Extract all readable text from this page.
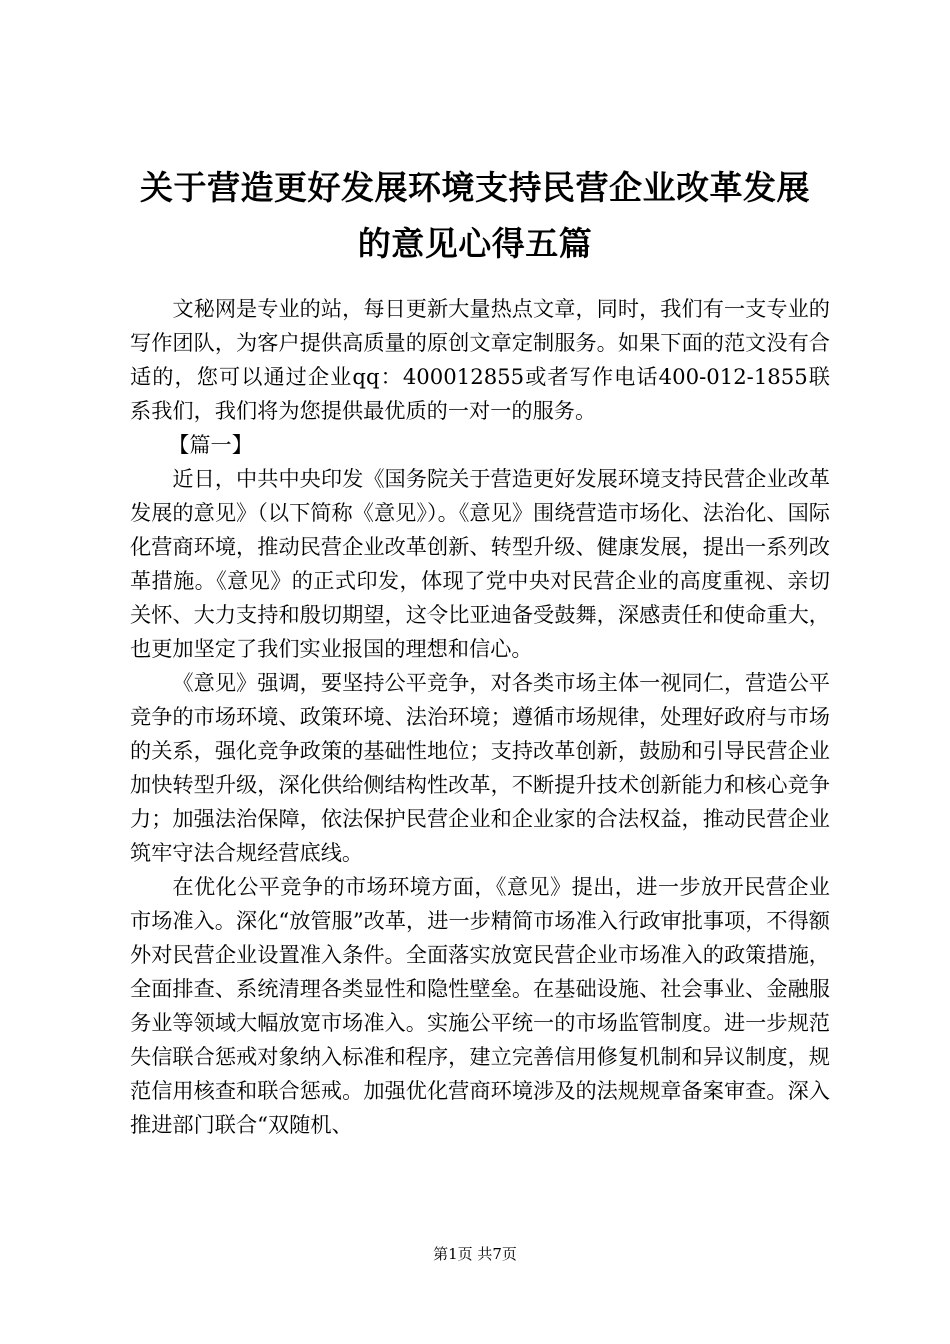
关于营造更好发展环境支持民营企业改革发展
的意见心得五篇

文秘网是专业的站，每日更新大量热点文章，同时，我们有一支专业的写作团队，为客户提供高质量的原创文章定制服务。如果下面的范文没有合适的，您可以通过企业qq：400012855或者写作电话400-012-1855联系我们，我们将为您提供最优质的一对一的服务。

【篇一】

近日，中共中央印发《国务院关于营造更好发展环境支持民营企业改革发展的意见》（以下简称《意见》）。《意见》围绕营造市场化、法治化、国际化营商环境，推动民营企业改革创新、转型升级、健康发展，提出一系列改革措施。《意见》的正式印发，体现了党中央对民营企业的高度重视、亲切关怀、大力支持和殷切期望，这令比亚迪备受鼓舞，深感责任和使命重大，也更加坚定了我们实业报国的理想和信心。

《意见》强调，要坚持公平竞争，对各类市场主体一视同仁，营造公平竞争的市场环境、政策环境、法治环境；遵循市场规律，处理好政府与市场的关系，强化竞争政策的基础性地位；支持改革创新，鼓励和引导民营企业加快转型升级，深化供给侧结构性改革，不断提升技术创新能力和核心竞争力；加强法治保障，依法保护民营企业和企业家的合法权益，推动民营企业筑牢守法合规经营底线。

在优化公平竞争的市场环境方面，《意见》提出，进一步放开民营企业市场准入。深化“放管服”改革，进一步精简市场准入行政审批事项，不得额外对民营企业设置准入条件。全面落实放宽民营企业市场准入的政策措施，全面排查、系统清理各类显性和隐性壁垒。在基础设施、社会事业、金融服务业等领域大幅放宽市场准入。实施公平统一的市场监管制度。进一步规范失信联合惩戒对象纳入标准和程序，建立完善信用修复机制和异议制度，规范信用核查和联合惩戒。加强优化营商环境涉及的法规规章备案审查。深入推进部门联合“双随机、

第1页 共7页
